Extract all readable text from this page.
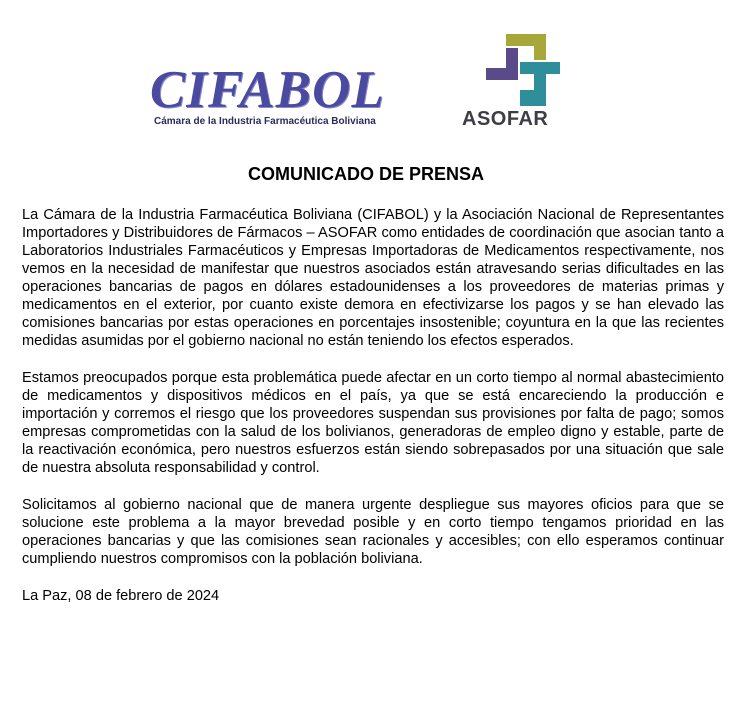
CIFABOL
Cámara de la Industria Farmacéutica Boliviana	ASOFAR
COMUNICADO DE PRENSA

La Cámara de la Industria Farmacéutica Boliviana (CIFABOL) y la Asociación Nacional de Representantes Importadores y Distribuidores de Fármacos – ASOFAR como entidades de coordinación que asocian tanto a Laboratorios Industriales Farmacéuticos y Empresas Importadoras de Medicamentos respectivamente, nos vemos en la necesidad de manifestar que nuestros asociados están atravesando serias dificultades en las operaciones bancarias de pagos en dólares estadounidenses a los proveedores de materias primas y medicamentos en el exterior, por cuanto existe demora en efectivizarse los pagos y se han elevado las comisiones bancarias por estas operaciones en porcentajes insostenible; coyuntura en la que las recientes medidas asumidas por el gobierno nacional no están teniendo los efectos esperados.

Estamos preocupados porque esta problemática puede afectar en un corto tiempo al normal abastecimiento de medicamentos y dispositivos médicos en el país, ya que se está encareciendo la producción e importación y corremos el riesgo que los proveedores suspendan sus provisiones por falta de pago; somos empresas comprometidas con la salud de los bolivianos, generadoras de empleo digno y estable, parte de la reactivación económica, pero nuestros esfuerzos están siendo sobrepasados por una situación que sale de nuestra absoluta responsabilidad y control.

Solicitamos al gobierno nacional que de manera urgente despliegue sus mayores oficios para que se solucione este problema a la mayor brevedad posible y en corto tiempo tengamos prioridad en las operaciones bancarias y que las comisiones sean racionales y accesibles; con ello esperamos continuar cumpliendo nuestros compromisos con la población boliviana.

La Paz, 08 de febrero de 2024
